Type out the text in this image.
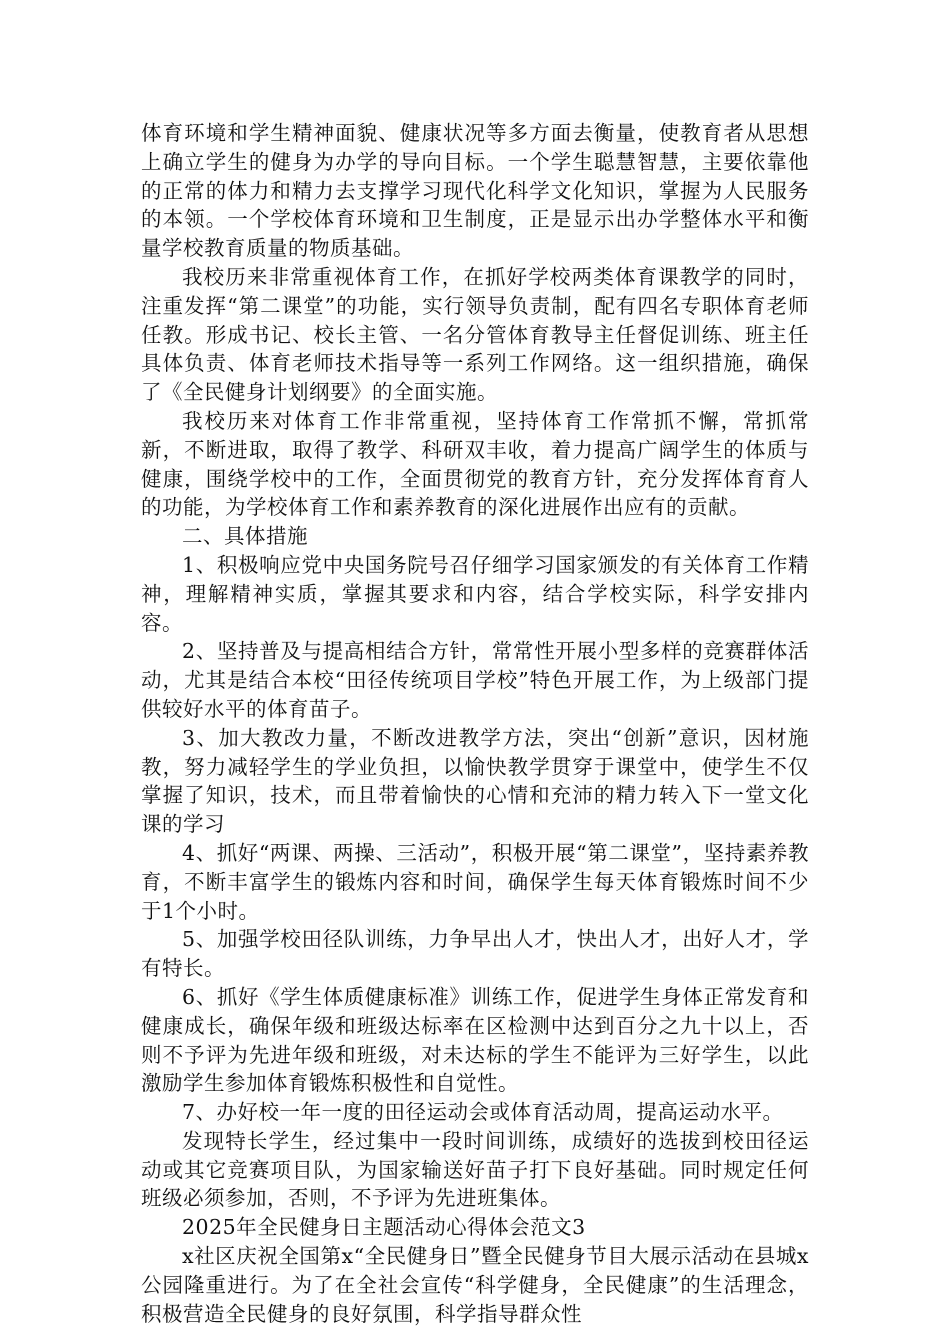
体育环境和学生精神面貌、健康状况等多方面去衡量，使教育者从思想上确立学生的健身为办学的导向目标。一个学生聪慧智慧，主要依靠他的正常的体力和精力去支撑学习现代化科学文化知识，掌握为人民服务的本领。一个学校体育环境和卫生制度，正是显示出办学整体水平和衡量学校教育质量的物质基础。

我校历来非常重视体育工作，在抓好学校两类体育课教学的同时，注重发挥“第二课堂”的功能，实行领导负责制，配有四名专职体育老师任教。形成书记、校长主管、一名分管体育教导主任督促训练、班主任具体负责、体育老师技术指导等一系列工作网络。这一组织措施，确保了《全民健身计划纲要》的全面实施。

我校历来对体育工作非常重视，坚持体育工作常抓不懈，常抓常新，不断进取，取得了教学、科研双丰收，着力提高广阔学生的体质与健康，围绕学校中的工作，全面贯彻党的教育方针，充分发挥体育育人的功能，为学校体育工作和素养教育的深化进展作出应有的贡献。

二、具体措施

1、积极响应党中央国务院号召仔细学习国家颁发的有关体育工作精神，理解精神实质，掌握其要求和内容，结合学校实际，科学安排内容。

2、坚持普及与提高相结合方针，常常性开展小型多样的竞赛群体活动，尤其是结合本校“田径传统项目学校”特色开展工作，为上级部门提供较好水平的体育苗子。

3、加大教改力量，不断改进教学方法，突出“创新”意识，因材施教，努力减轻学生的学业负担，以愉快教学贯穿于课堂中，使学生不仅掌握了知识，技术，而且带着愉快的心情和充沛的精力转入下一堂文化课的学习

4、抓好“两课、两操、三活动”，积极开展“第二课堂”，坚持素养教育，不断丰富学生的锻炼内容和时间，确保学生每天体育锻炼时间不少于1个小时。

5、加强学校田径队训练，力争早出人才，快出人才，出好人才，学有特长。

6、抓好《学生体质健康标准》训练工作，促进学生身体正常发育和健康成长，确保年级和班级达标率在区检测中达到百分之九十以上，否则不予评为先进年级和班级，对未达标的学生不能评为三好学生，以此激励学生参加体育锻炼积极性和自觉性。

7、办好校一年一度的田径运动会或体育活动周，提高运动水平。

发现特长学生，经过集中一段时间训练，成绩好的选拔到校田径运动或其它竞赛项目队，为国家输送好苗子打下良好基础。同时规定任何班级必须参加，否则，不予评为先进班集体。

2025年全民健身日主题活动心得体会范文3

x社区庆祝全国第x“全民健身日”暨全民健身节目大展示活动在县城x公园隆重进行。为了在全社会宣传“科学健身，全民健康”的生活理念，积极营造全民健身的良好氛围，科学指导群众性
